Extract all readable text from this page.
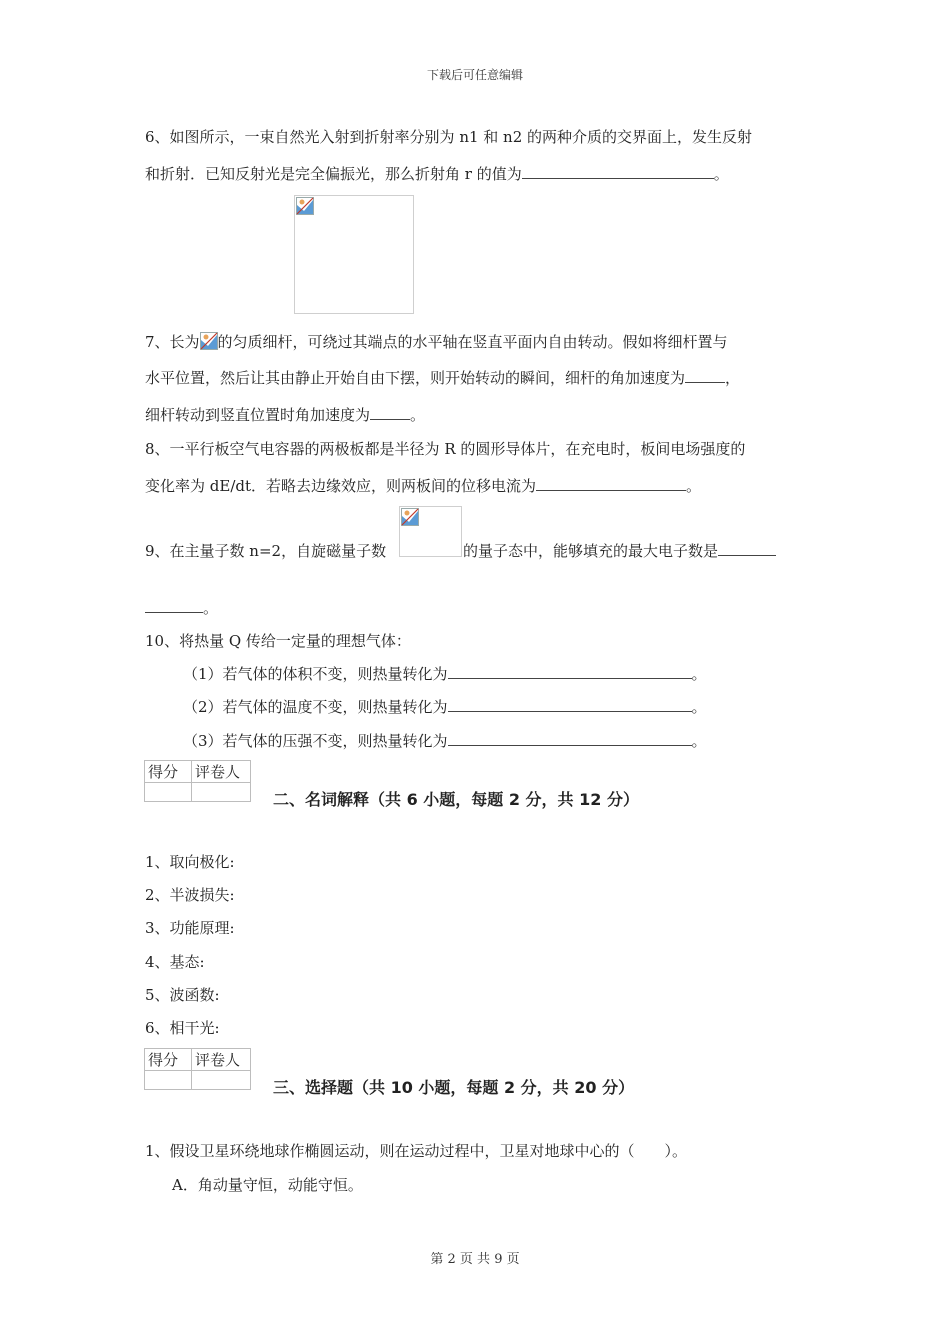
下载后可任意编辑
6、如图所示，一束自然光入射到折射率分别为 n1 和 n2 的两种介质的交界面上，发生反射
和折射．已知反射光是完全偏振光，那么折射角 r 的值为	。
7、长为 的匀质细杆，可绕过其端点的水平轴在竖直平面内自由转动。假如将细杆置与
水平位置，然后让其由静止开始自由下摆，则开始转动的瞬间，细杆的角加速度为	，
细杆转动到竖直位置时角加速度为	。
8、一平行板空气电容器的两极板都是半径为 R 的圆形导体片，在充电时，板间电场强度的
变化率为 dE/dt．若略去边缘效应，则两板间的位移电流为	。
9、在主量子数 n=2，自旋磁量子数	的量子态中，能够填充的最大电子数是
。
10、将热量 Q 传给一定量的理想气体：
（1）若气体的体积不变，则热量转化为	。
（2）若气体的温度不变，则热量转化为	。
（3）若气体的压强不变，则热量转化为	。
得分	评卷人

二、名词解释（共 6 小题，每题 2 分，共 12 分）
1、取向极化:
2、半波损失:
3、功能原理:
4、基态:
5、波函数:
6、相干光:
得分	评卷人

三、选择题（共 10 小题，每题 2 分，共 20 分）
1、假设卫星环绕地球作椭圆运动，则在运动过程中，卫星对地球中心的（　　）。
A．角动量守恒，动能守恒。
第 2 页 共 9 页
